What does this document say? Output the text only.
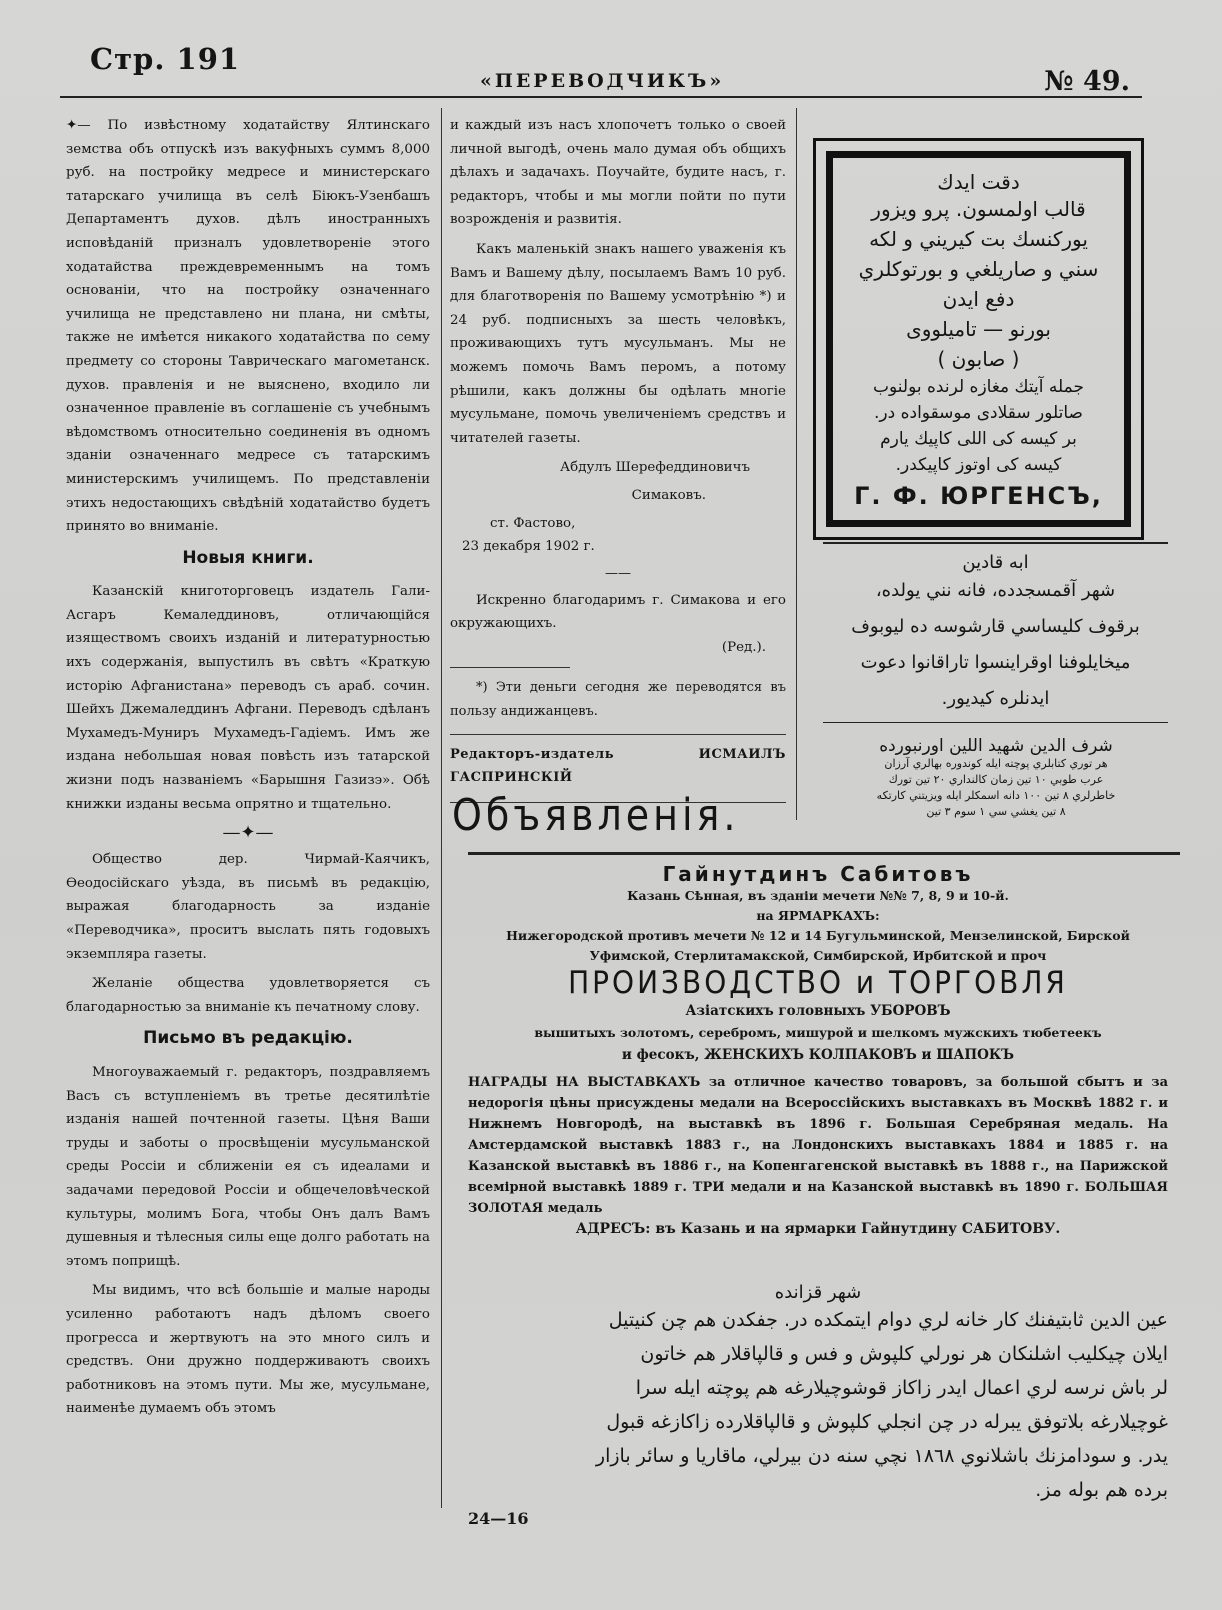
Стр. 191
«ПЕРЕВОДЧИКЪ»	№ 49.

✦— По извѣстному ходатайству Ялтинскаго земства объ отпускѣ изъ вакуфныхъ суммъ 8,000 руб. на постройку медресе и министерскаго татарскаго училища въ селѣ Біюкъ-Узенбашъ Департаментъ духов. дѣлъ иностранныхъ исповѣданій призналъ удовлетвореніе этого ходатайства преждевременнымъ на томъ основаніи, что на постройку означеннаго училища не представлено ни плана, ни смѣты, также не имѣется никакого ходатайства по сему предмету со стороны Таврическаго магометанск. духов. правленія и не выяснено, входило ли означенное правленіе въ соглашеніе съ учебнымъ вѣдомствомъ относительно соединенія въ одномъ зданіи означеннаго медресе съ татарскимъ министерскимъ училищемъ. По представленіи этихъ недостающихъ свѣдѣній ходатайство будетъ принято во вниманіе.

Новыя книги.

Казанскій книготорговецъ издатель Гали-Асгаръ Кемаледдиновъ, отличающійся изяществомъ своихъ изданій и литературностью ихъ содержанія, выпустилъ въ свѣтъ «Краткую исторію Афганистана» переводъ съ араб. сочин. Шейхъ Джемаледдинъ Афгани. Переводъ сдѣланъ Мухамедъ-Муниръ Мухамедъ-Гадіемъ. Имъ же издана небольшая новая повѣсть изъ татарской жизни подъ названіемъ «Барышня Газизэ». Обѣ книжки изданы весьма опрятно и тщательно.

—✦—

Общество дер. Чирмай-Каячикъ, Ѳеодосійскаго уѣзда, въ письмѣ въ редакцію, выражая благодарность за изданіе «Переводчика», проситъ выслать пять годовыхъ экземпляра газеты.

Желаніе общества удовлетворяется съ благодарностью за вниманіе къ печатному слову.

Письмо въ редакцію.

Многоуважаемый г. редакторъ, поздравляемъ Васъ съ вступленіемъ въ третье десятилѣтіе изданія нашей почтенной газеты. Цѣня Ваши труды и заботы о просвѣщеніи мусульманской среды Россіи и сближеніи ея съ идеалами и задачами передовой Россіи и общечеловѣческой культуры, молимъ Бога, чтобы Онъ далъ Вамъ душевныя и тѣлесныя силы еще долго работать на этомъ поприщѣ.

Мы видимъ, что всѣ большіе и малые народы усиленно работаютъ надъ дѣломъ своего прогресса и жертвуютъ на это много силъ и средствъ. Они дружно поддерживаютъ своихъ работниковъ на этомъ пути. Мы же, мусульмане, наименѣе думаемъ объ этомъ

и каждый изъ насъ хлопочетъ только о своей личной выгодѣ, очень мало думая объ общихъ дѣлахъ и задачахъ. Поучайте, будите насъ, г. редакторъ, чтобы и мы могли пойти по пути возрожденія и развитія.

Какъ маленькій знакъ нашего уваженія къ Вамъ и Вашему дѣлу, посылаемъ Вамъ 10 руб. для благотворенія по Вашему усмотрѣнію *) и 24 руб. подписныхъ за шесть человѣкъ, проживающихъ тутъ мусульманъ. Мы не можемъ помочь Вамъ перомъ, а потому рѣшили, какъ должны бы одѣлать многіе мусульмане, помочь увеличеніемъ средствъ и читателей газеты.

Абдулъ Шерефеддиновичъ
Симаковъ.
ст. Фастово,
23 декабря 1902 г.
——

Искренно благодаримъ г. Симакова и его окружающихъ.

(Ред.).

*) Эти деньги сегодня же переводятся въ пользу андижанцевъ.

Редакторъ-издатель ИСМАИЛЪ ГАСПРИНСКІЙ
Объявленія.
دقت ايدك
قالب اولمسون. پرو ويزور
يورکنسك بت کيريني و لکه
سني و صاريلغي و بورتوكلري
دفع ايدن
بورنو — تاميلووی
( صابون )
جمله آيتك مغازه لرنده بولنوب
صاتلور سقلادی موسقواده در.
بر کيسه کی اللی کاپيك يارم
کيسه کی اوتوز کاپيکدر.
Г. Ф. ЮРГЕНСЪ,
ابه قادين
شهر آقمسجدده، فانه نني يولده،
برقوف کليساسي قارشوسه ده ليوبوف
ميخايلوفنا اوقراينسوا تاراقانوا دعوت
ايدنلره کيديور.
شرف الدين شهيد اللين اورنبورده
هر توري کتابلري پوچته ايله کوندوره بهالري آرزان
عرب طوبي ١٠ تين زمان کالنداري ٢٠ تين تورك
خاطرلري ٨ تين ١٠٠ دانه اسمكلر ايله ويزيتني کارتکه
٨ تين يغشي سي ١ سوم ٣ تين
Гайнутдинъ Сабитовъ
Казань Сѣнная, въ зданіи мечети №№ 7, 8, 9 и 10-й.
на ЯРМАРКАХЪ:
Нижегородской противъ мечети № 12 и 14 Бугульминской, Мензелинской, Бирской Уфимской, Стерлитамакской, Симбирской, Ирбитской и проч
ПРОИЗВОДСТВО и ТОРГОВЛЯ
Азіатскихъ головныхъ УБОРОВЪ
вышитыхъ золотомъ, серебромъ, мишурой и шелкомъ мужскихъ тюбетеекъ
и фесокъ, ЖЕНСКИХЪ КОЛПАКОВЪ и ШАПОКЪ
НАГРАДЫ НА ВЫСТАВКАХЪ за отличное качество товаровъ, за большой сбытъ и за недорогія цѣны присуждены медали на Всероссійскихъ выставкахъ въ Москвѣ 1882 г. и Нижнемъ Новгородѣ, на выставкѣ въ 1896 г. Большая Серебряная медаль. На Амстердамской выставкѣ 1883 г., на Лондонскихъ выставкахъ 1884 и 1885 г. на Казанской выставкѣ въ 1886 г., на Копенгагенской выставкѣ въ 1888 г., на Парижской всемірной выставкѣ 1889 г. ТРИ медали и на Казанской выставкѣ въ 1890 г. БОЛЬШАЯ ЗОЛОТАЯ медаль
АДРЕСЪ: въ Казань и на ярмарки Гайнутдину САБИТОВУ.
شهر قزانده
عين الدين ثابتيفنك کار خانه لري دوام ايتمکده در. جفکدن هم چن کنيتيل
ايلان چيکليب اشلنکان هر نورلي کلپوش و فس و قالپاقلار هم خاتون
لر باش نرسه لري اعمال ايدر زاکاز قوشوچيلارغه هم پوچته ايله سرا
غوچيلارغه بلاتوفق يبرله در چن انجلي کلپوش و قالپاقلارده زاکازغه قبول
يدر. و سودامزنك باشلانوي ١٨٦٨ نچي سنه دن بيرلي، ماقاريا و سائر بازار
برده هم بوله مز.
24—16
